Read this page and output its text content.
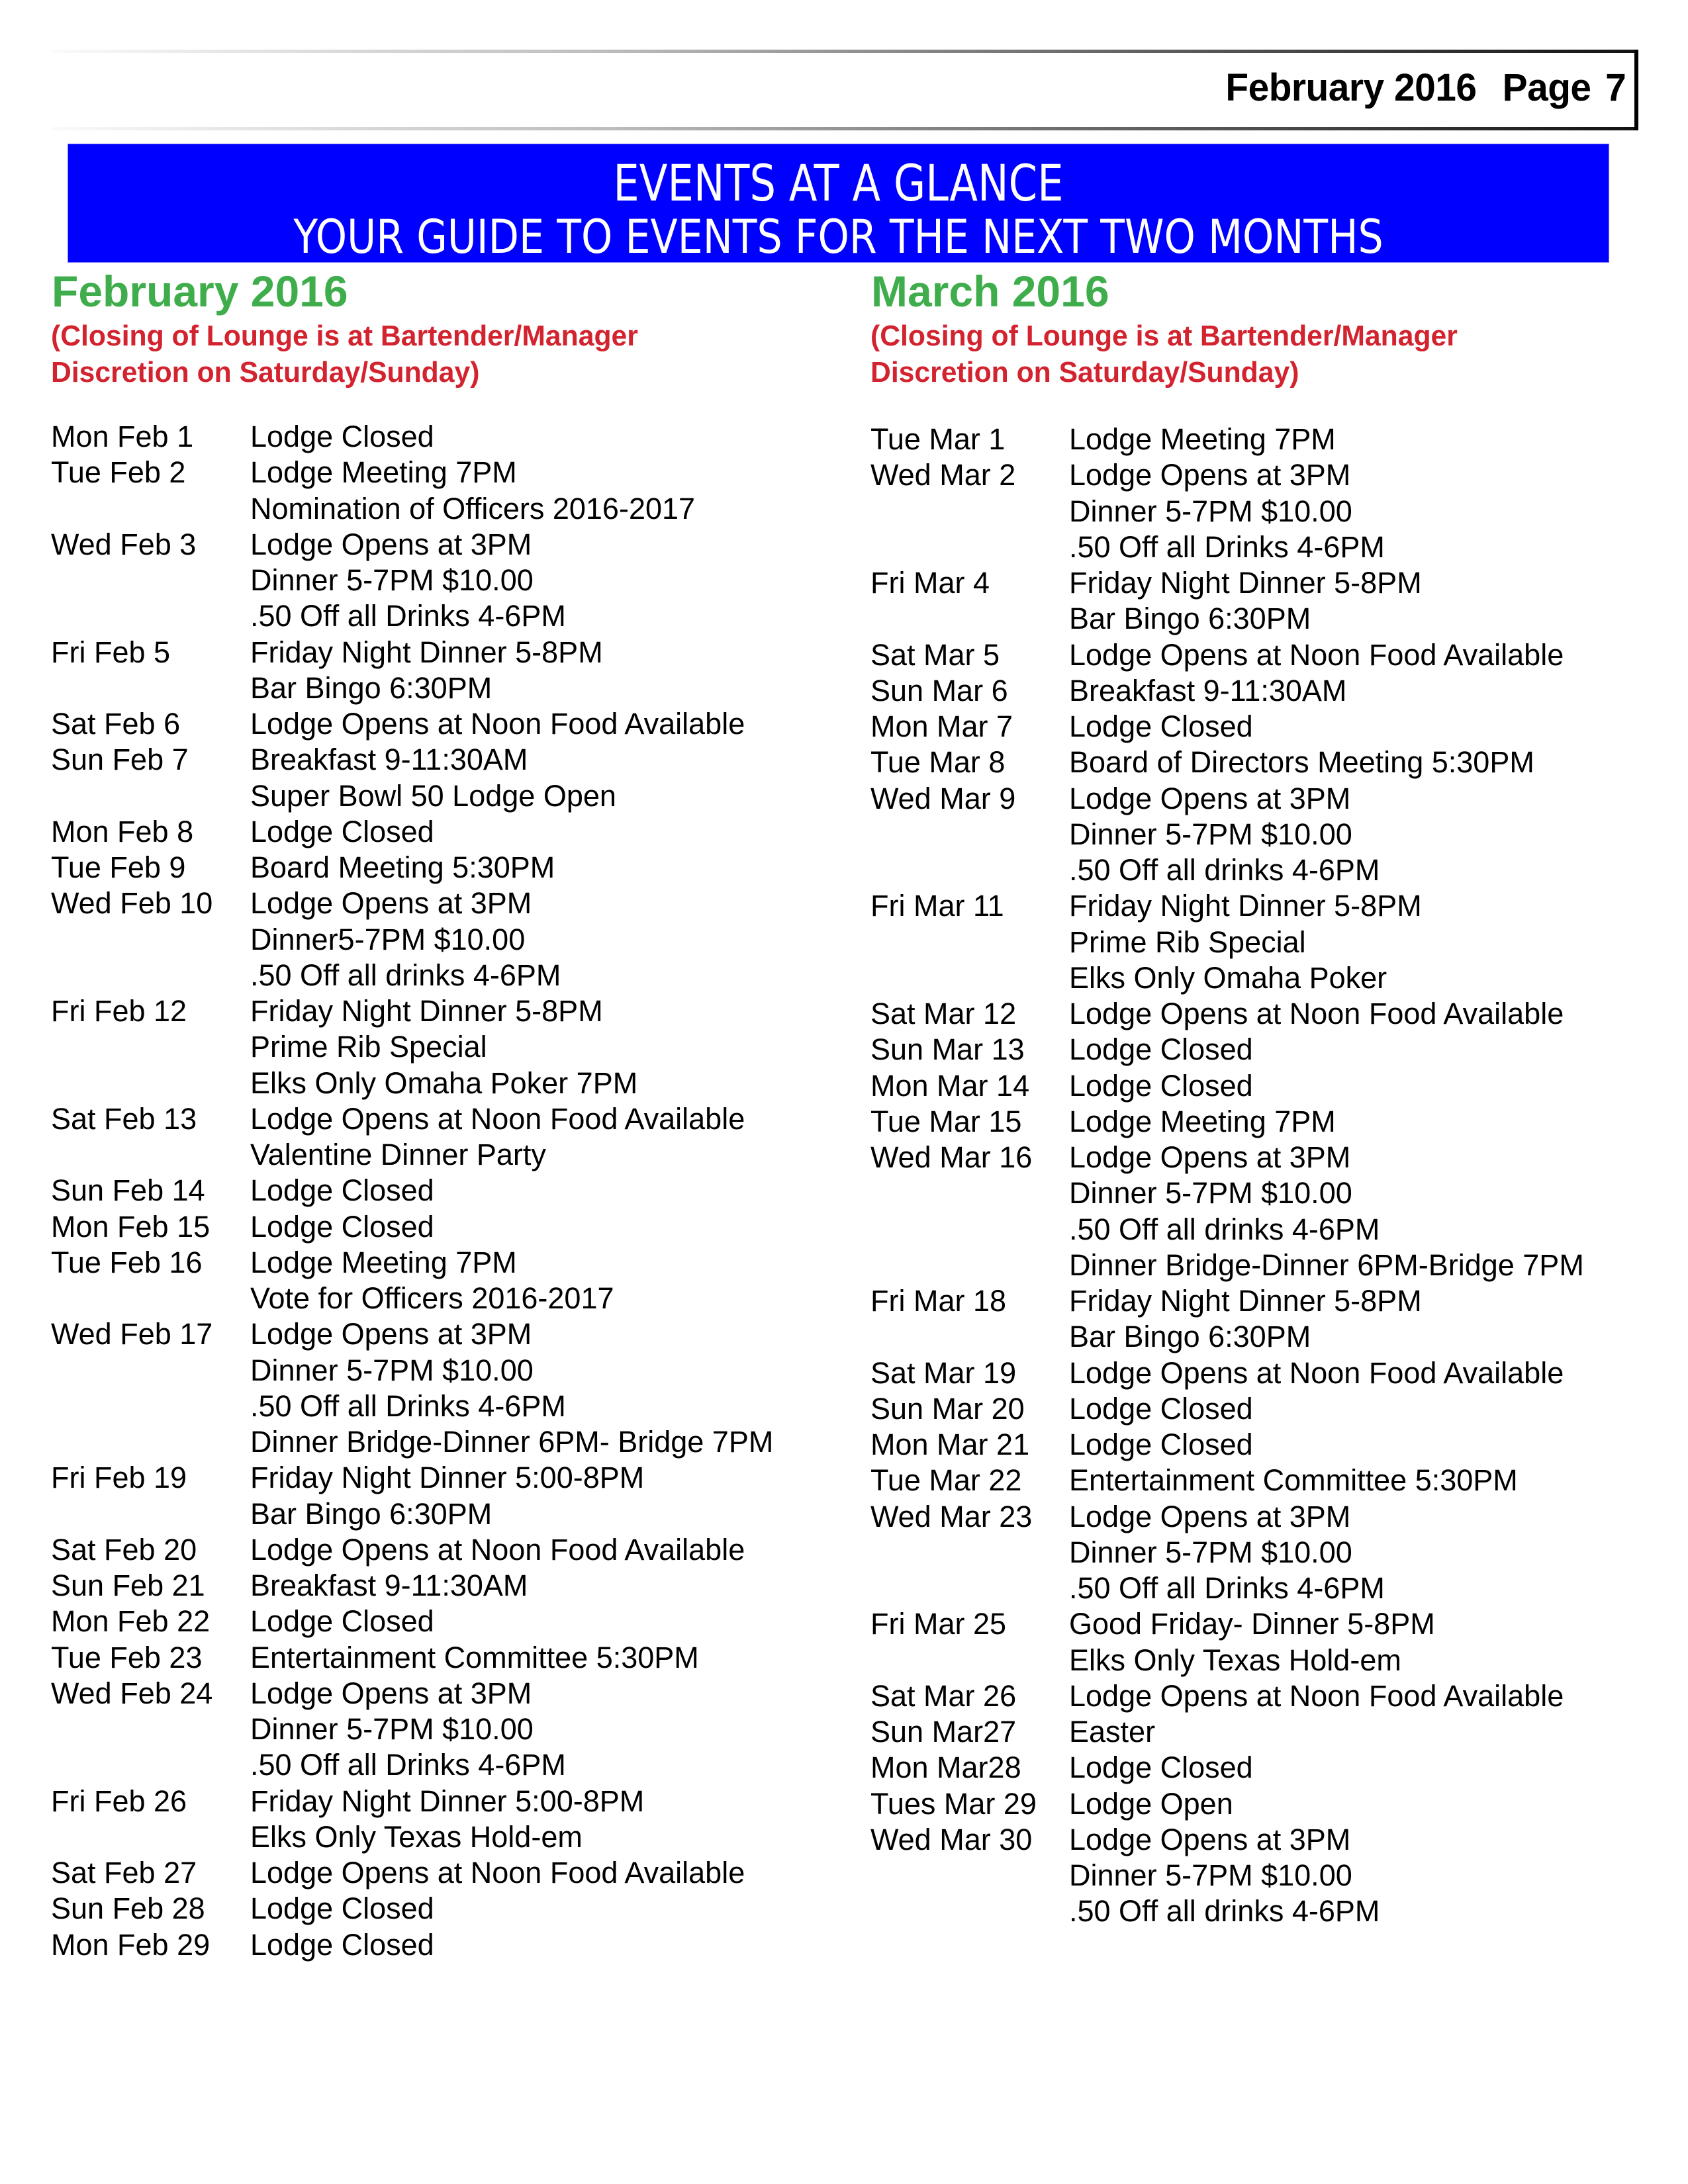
February 2016 Page 7
EVENTS AT A GLANCE
YOUR GUIDE TO EVENTS FOR THE NEXT TWO MONTHS
February 2016
(Closing of Lounge is at Bartender/Manager
Discretion on Saturday/Sunday)
Mon Feb 1 Lodge Closed
Tue Feb 2 Lodge Meeting 7PM
Nomination of Officers 2016-2017
Wed Feb 3 Lodge Opens at 3PM
Dinner 5-7PM $10.00
.50 Off all Drinks 4-6PM
Fri Feb 5	Friday Night Dinner 5-8PM
Bar Bingo 6:30PM
Sat Feb 6 Lodge Opens at Noon Food Available
Sun Feb 7 Breakfast 9-11:30AM
Super Bowl 50 Lodge Open
Mon Feb 8 Lodge Closed
Tue Feb 9 Board Meeting 5:30PM
Wed Feb 10 Lodge Opens at 3PM
Dinner5-7PM $10.00
.50 Off all drinks 4-6PM
Fri Feb 12 Friday Night Dinner 5-8PM
Prime Rib Special
Elks Only Omaha Poker 7PM
Sat Feb 13 Lodge Opens at Noon Food Available
Valentine Dinner Party
Sun Feb 14 Lodge Closed
Mon Feb 15 Lodge Closed
Tue Feb 16 Lodge Meeting 7PM
Vote for Officers 2016-2017
Wed Feb 17 Lodge Opens at 3PM
Dinner 5-7PM $10.00
.50 Off all Drinks 4-6PM
Dinner Bridge-Dinner 6PM- Bridge 7PM
Fri Feb 19 Friday Night Dinner 5:00-8PM
Bar Bingo 6:30PM
Sat Feb 20 Lodge Opens at Noon Food Available
Sun Feb 21 Breakfast 9-11:30AM
Mon Feb 22 Lodge Closed
Tue Feb 23 Entertainment Committee 5:30PM
Wed Feb 24 Lodge Opens at 3PM
Dinner 5-7PM $10.00
.50 Off all Drinks 4-6PM
Fri Feb 26 Friday Night Dinner 5:00-8PM
Elks Only Texas Hold-em
Sat Feb 27 Lodge Opens at Noon Food Available
Sun Feb 28 Lodge Closed
Mon Feb 29 Lodge Closed
March 2016
(Closing of Lounge is at Bartender/Manager
Discretion on Saturday/Sunday)
Tue Mar 1 Lodge Meeting 7PM
Wed Mar 2 Lodge Opens at 3PM
Dinner 5-7PM $10.00
.50 Off all Drinks 4-6PM
Fri Mar 4	Friday Night Dinner 5-8PM
Bar Bingo 6:30PM
Sat Mar 5 Lodge Opens at Noon Food Available
Sun Mar 6 Breakfast 9-11:30AM
Mon Mar 7 Lodge Closed
Tue Mar 8 Board of Directors Meeting 5:30PM
Wed Mar 9 Lodge Opens at 3PM
Dinner 5-7PM $10.00
.50 Off all drinks 4-6PM
Fri Mar 11 Friday Night Dinner 5-8PM
Prime Rib Special
Elks Only Omaha Poker
Sat Mar 12 Lodge Opens at Noon Food Available
Sun Mar 13 Lodge Closed
Mon Mar 14 Lodge Closed
Tue Mar 15 Lodge Meeting 7PM
Wed Mar 16 Lodge Opens at 3PM
Dinner 5-7PM $10.00
.50 Off all drinks 4-6PM
Dinner Bridge-Dinner 6PM-Bridge 7PM
Fri Mar 18 Friday Night Dinner 5-8PM
Bar Bingo 6:30PM
Sat Mar 19 Lodge Opens at Noon Food Available
Sun Mar 20 Lodge Closed
Mon Mar 21 Lodge Closed
Tue Mar 22 Entertainment Committee 5:30PM
Wed Mar 23 Lodge Opens at 3PM
Dinner 5-7PM $10.00
.50 Off all Drinks 4-6PM
Fri Mar 25 Good Friday- Dinner 5-8PM
Elks Only Texas Hold-em
Sat Mar 26 Lodge Opens at Noon Food Available
Sun Mar27 Easter
Mon Mar28 Lodge Closed
Tues Mar 29 Lodge Open
Wed Mar 30 Lodge Opens at 3PM
Dinner 5-7PM $10.00
.50 Off all drinks 4-6PM
